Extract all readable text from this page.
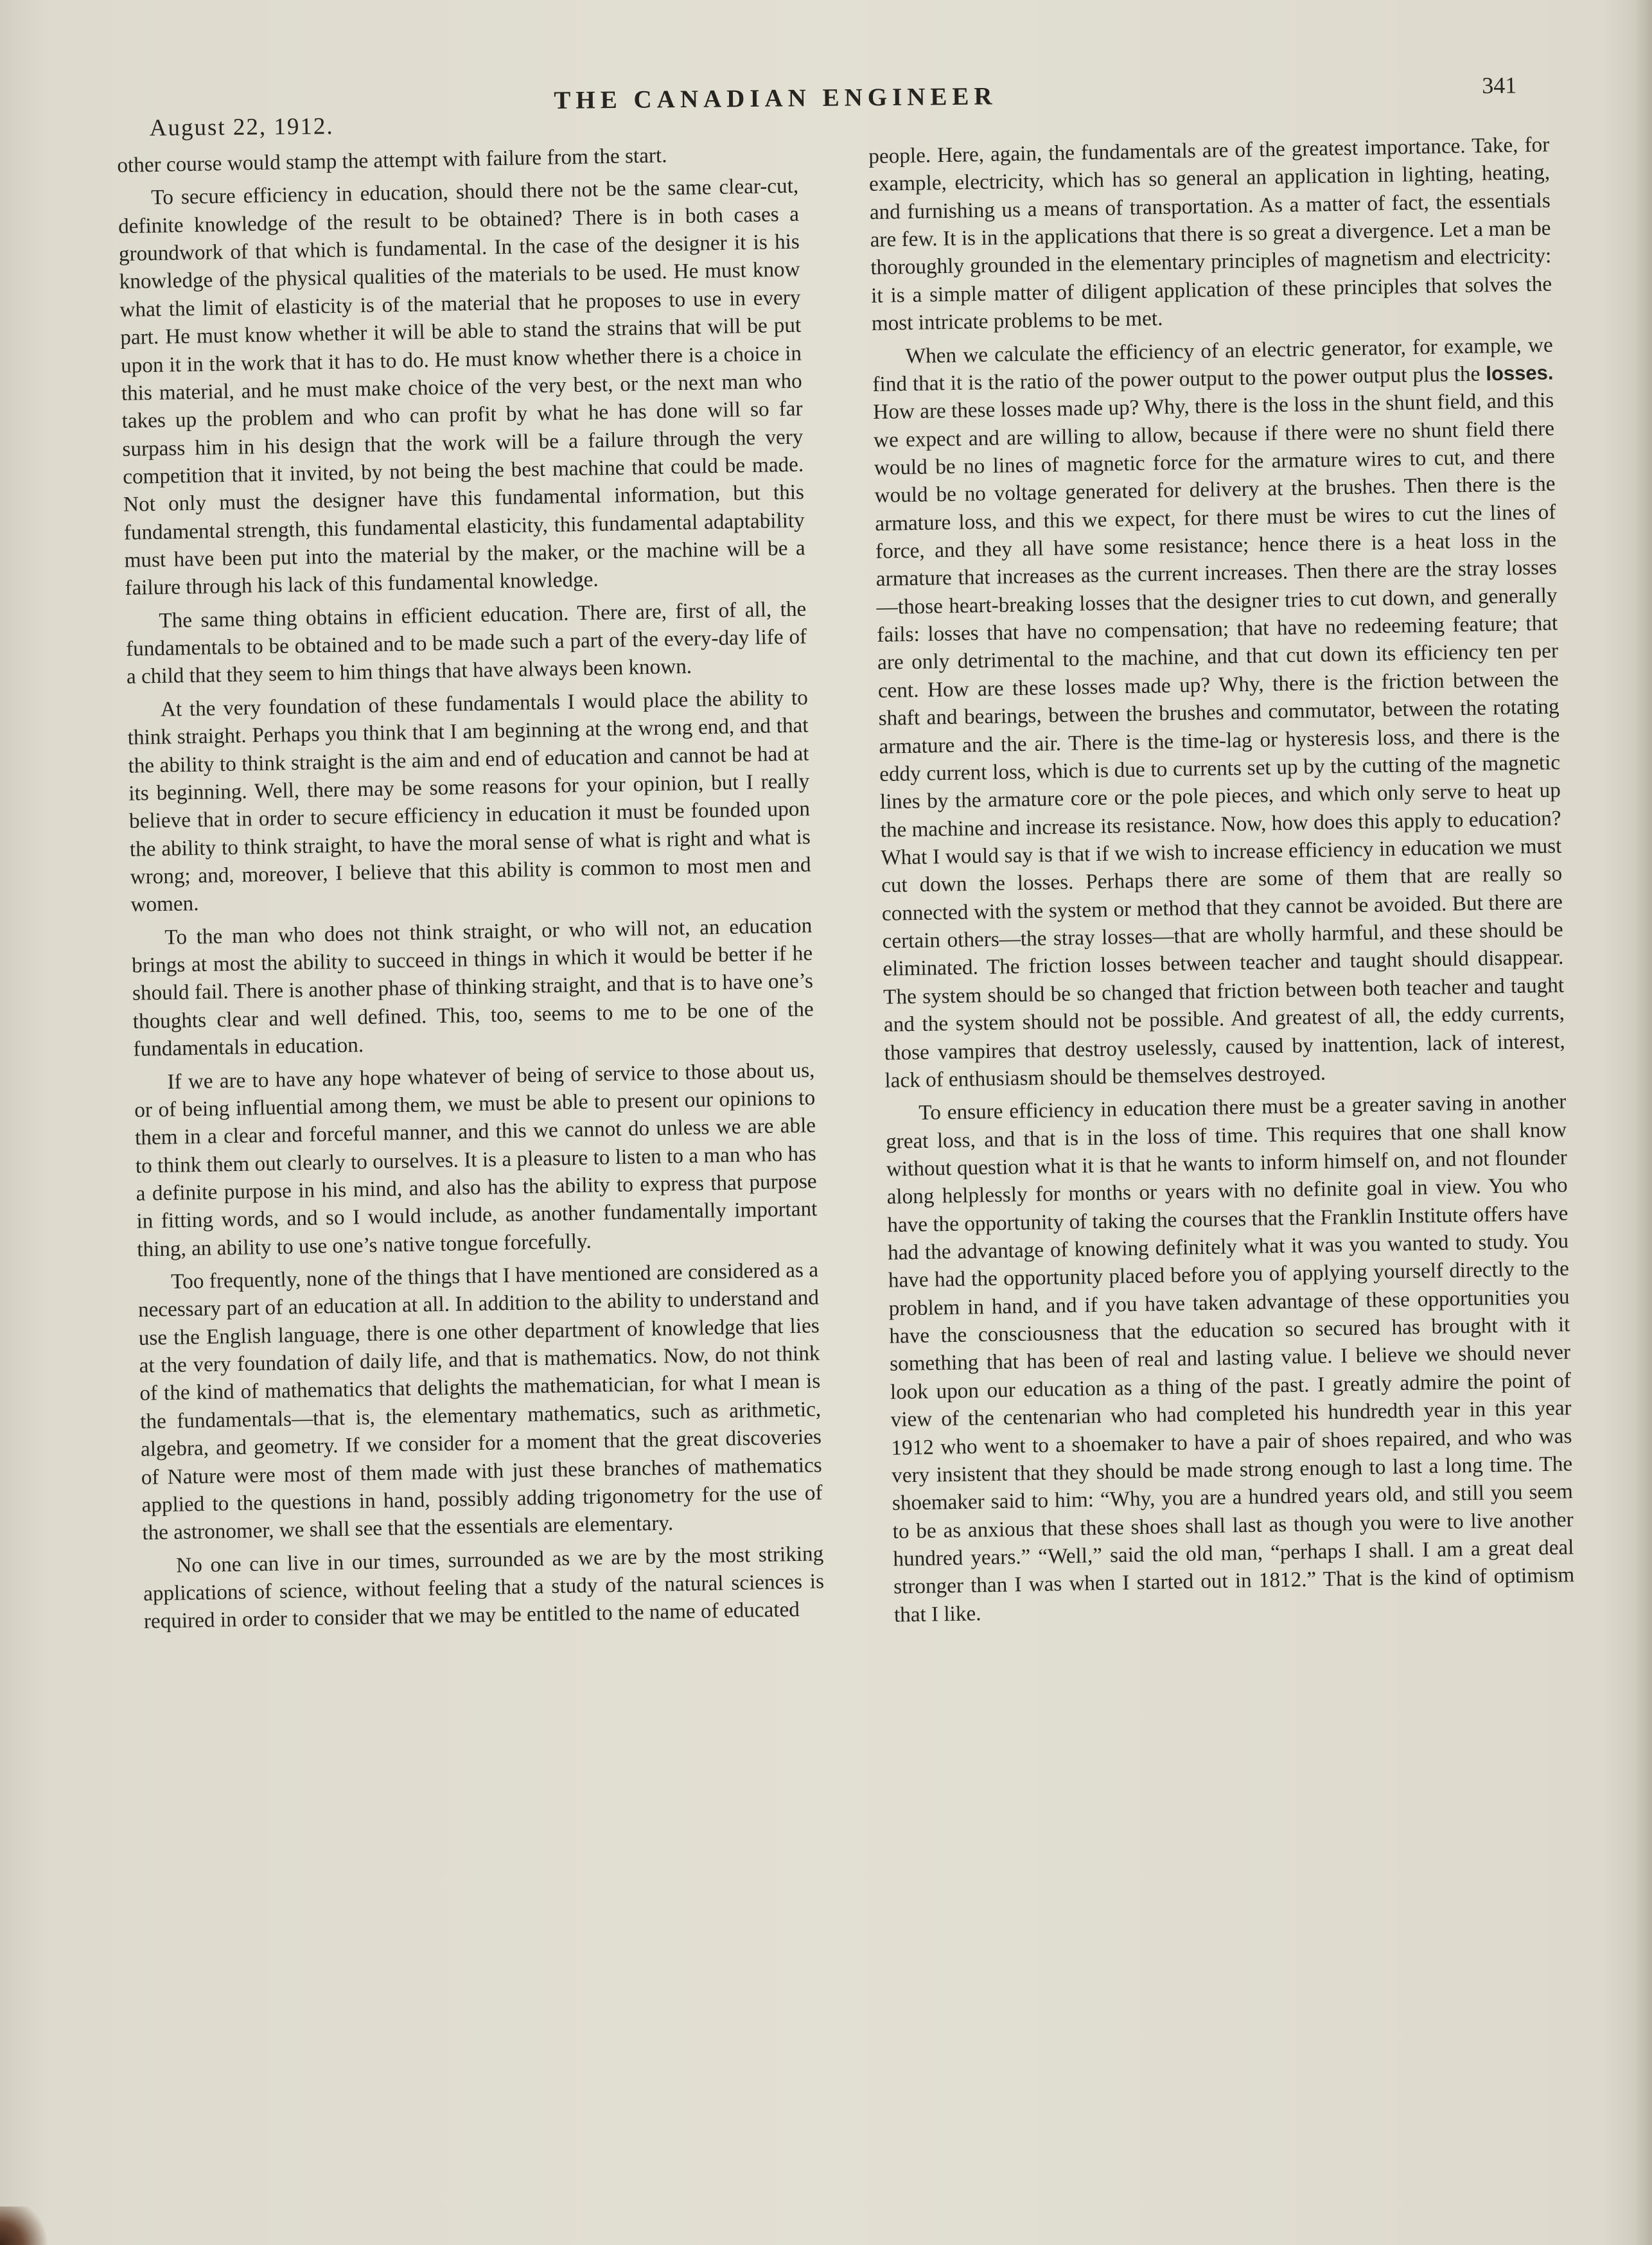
August 22, 1912.
THE CANADIAN ENGINEER	341

other course would stamp the attempt with failure from the start.

To secure efficiency in education, should there not be the same clear-cut, definite knowledge of the result to be obtained? There is in both cases a groundwork of that which is fundamental. In the case of the designer it is his knowledge of the physical qualities of the materials to be used. He must know what the limit of elasticity is of the material that he proposes to use in every part. He must know whether it will be able to stand the strains that will be put upon it in the work that it has to do. He must know whether there is a choice in this material, and he must make choice of the very best, or the next man who takes up the problem and who can profit by what he has done will so far surpass him in his design that the work will be a failure through the very competition that it invited, by not being the best machine that could be made. Not only must the designer have this fundamental information, but this fundamental strength, this fundamental elasticity, this fundamental adaptability must have been put into the material by the maker, or the machine will be a failure through his lack of this fundamental knowledge.

The same thing obtains in efficient education. There are, first of all, the fundamentals to be obtained and to be made such a part of the every-day life of a child that they seem to him things that have always been known.

At the very foundation of these fundamentals I would place the ability to think straight. Perhaps you think that I am beginning at the wrong end, and that the ability to think straight is the aim and end of education and cannot be had at its beginning. Well, there may be some reasons for your opinion, but I really believe that in order to secure efficiency in education it must be founded upon the ability to think straight, to have the moral sense of what is right and what is wrong; and, moreover, I believe that this ability is common to most men and women.

To the man who does not think straight, or who will not, an education brings at most the ability to succeed in things in which it would be better if he should fail. There is another phase of thinking straight, and that is to have one’s thoughts clear and well defined. This, too, seems to me to be one of the fundamentals in education.

If we are to have any hope whatever of being of service to those about us, or of being influential among them, we must be able to present our opinions to them in a clear and forceful manner, and this we cannot do unless we are able to think them out clearly to ourselves. It is a pleasure to listen to a man who has a definite purpose in his mind, and also has the ability to express that purpose in fitting words, and so I would include, as another fundamentally important thing, an ability to use one’s native tongue forcefully.

Too frequently, none of the things that I have mentioned are considered as a necessary part of an education at all. In addition to the ability to understand and use the English language, there is one other department of knowledge that lies at the very foundation of daily life, and that is mathematics. Now, do not think of the kind of mathematics that delights the mathematician, for what I mean is the fundamentals—that is, the elementary mathematics, such as arithmetic, algebra, and geometry. If we consider for a moment that the great discoveries of Nature were most of them made with just these branches of mathematics applied to the questions in hand, possibly adding trigonometry for the use of the astronomer, we shall see that the essentials are elementary.

No one can live in our times, surrounded as we are by the most striking applications of science, without feeling that a study of the natural sciences is required in order to consider that we may be entitled to the name of educated

people. Here, again, the fundamentals are of the greatest importance. Take, for example, electricity, which has so general an application in lighting, heating, and furnishing us a means of transportation. As a matter of fact, the essentials are few. It is in the applications that there is so great a divergence. Let a man be thoroughly grounded in the elementary principles of magnetism and electricity: it is a simple matter of diligent application of these principles that solves the most intricate problems to be met.

When we calculate the efficiency of an electric generator, for example, we find that it is the ratio of the power output to the power output plus the losses. How are these losses made up? Why, there is the loss in the shunt field, and this we expect and are willing to allow, because if there were no shunt field there would be no lines of magnetic force for the armature wires to cut, and there would be no voltage generated for delivery at the brushes. Then there is the armature loss, and this we expect, for there must be wires to cut the lines of force, and they all have some resistance; hence there is a heat loss in the armature that increases as the current increases. Then there are the stray losses—those heart-breaking losses that the designer tries to cut down, and generally fails: losses that have no compensation; that have no redeeming feature; that are only detrimental to the machine, and that cut down its efficiency ten per cent. How are these losses made up? Why, there is the friction between the shaft and bearings, between the brushes and commutator, between the rotating armature and the air. There is the time-lag or hysteresis loss, and there is the eddy current loss, which is due to currents set up by the cutting of the magnetic lines by the armature core or the pole pieces, and which only serve to heat up the machine and increase its resistance. Now, how does this apply to education? What I would say is that if we wish to increase efficiency in education we must cut down the losses. Perhaps there are some of them that are really so connected with the system or method that they cannot be avoided. But there are certain others—the stray losses—that are wholly harmful, and these should be eliminated. The friction losses between teacher and taught should disappear. The system should be so changed that friction between both teacher and taught and the system should not be possible. And greatest of all, the eddy currents, those vampires that destroy uselessly, caused by inattention, lack of interest, lack of enthusiasm should be themselves destroyed.

To ensure efficiency in education there must be a greater saving in another great loss, and that is in the loss of time. This requires that one shall know without question what it is that he wants to inform himself on, and not flounder along helplessly for months or years with no definite goal in view. You who have the opportunity of taking the courses that the Franklin Institute offers have had the advantage of knowing definitely what it was you wanted to study. You have had the opportunity placed before you of applying yourself directly to the problem in hand, and if you have taken advantage of these opportunities you have the consciousness that the education so secured has brought with it something that has been of real and lasting value. I believe we should never look upon our education as a thing of the past. I greatly admire the point of view of the centenarian who had completed his hundredth year in this year 1912 who went to a shoemaker to have a pair of shoes repaired, and who was very insistent that they should be made strong enough to last a long time. The shoemaker said to him: “Why, you are a hundred years old, and still you seem to be as anxious that these shoes shall last as though you were to live another hundred years.” “Well,” said the old man, “perhaps I shall. I am a great deal stronger than I was when I started out in 1812.” That is the kind of optimism that I like.
